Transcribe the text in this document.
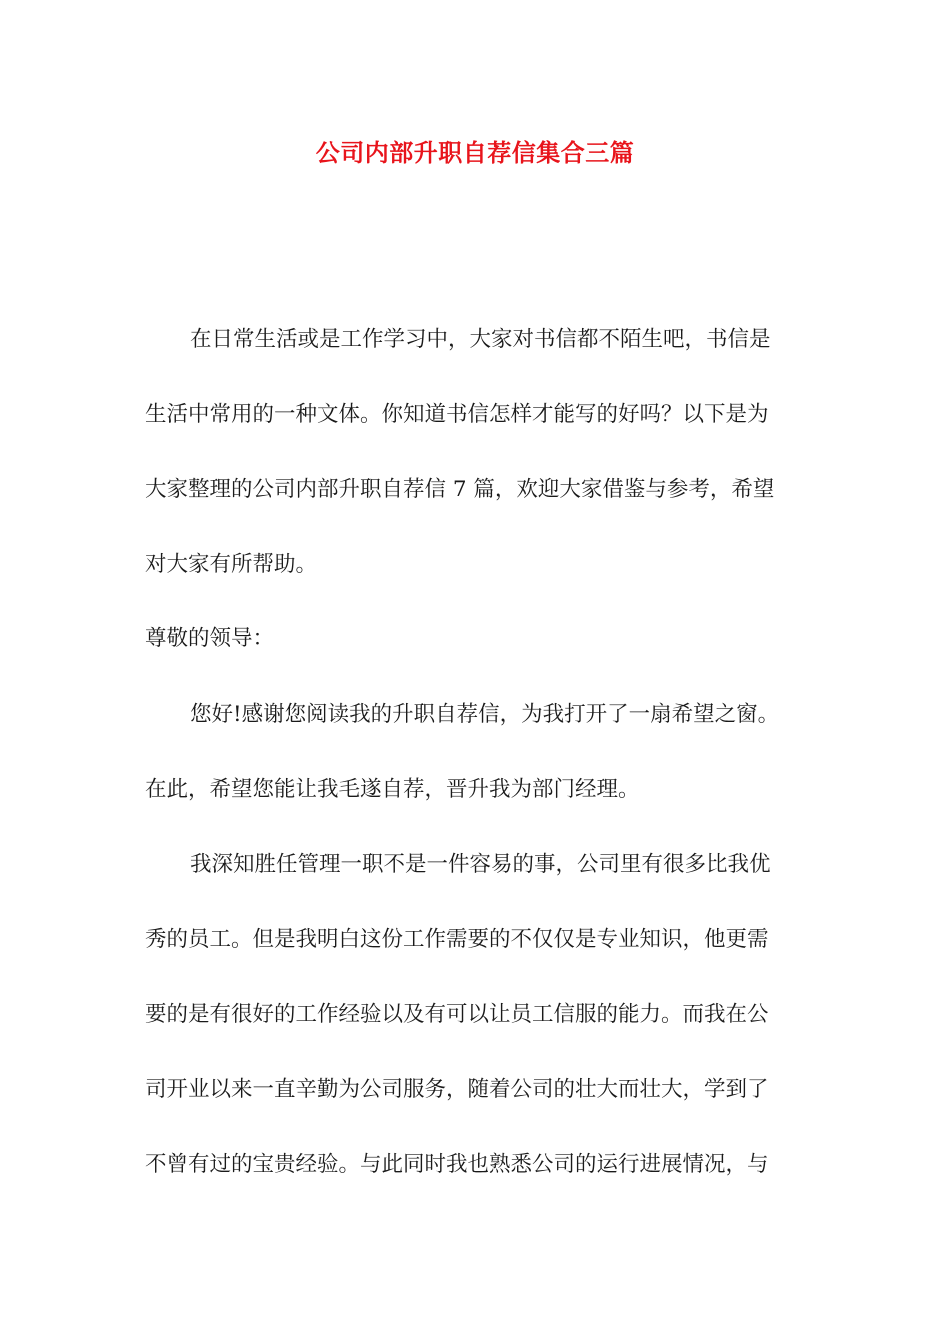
公司内部升职自荐信集合三篇
在日常生活或是工作学习中，大家对书信都不陌生吧，书信是
生活中常用的一种文体。你知道书信怎样才能写的好吗？以下是为
大家整理的公司内部升职自荐信 7 篇，欢迎大家借鉴与参考，希望
对大家有所帮助。
尊敬的领导：
您好!感谢您阅读我的升职自荐信，为我打开了一扇希望之窗。
在此，希望您能让我毛遂自荐，晋升我为部门经理。
我深知胜任管理一职不是一件容易的事，公司里有很多比我优
秀的员工。但是我明白这份工作需要的不仅仅是专业知识，他更需
要的是有很好的工作经验以及有可以让员工信服的能力。而我在公
司开业以来一直辛勤为公司服务，随着公司的壮大而壮大，学到了
不曾有过的宝贵经验。与此同时我也熟悉公司的运行进展情况，与
